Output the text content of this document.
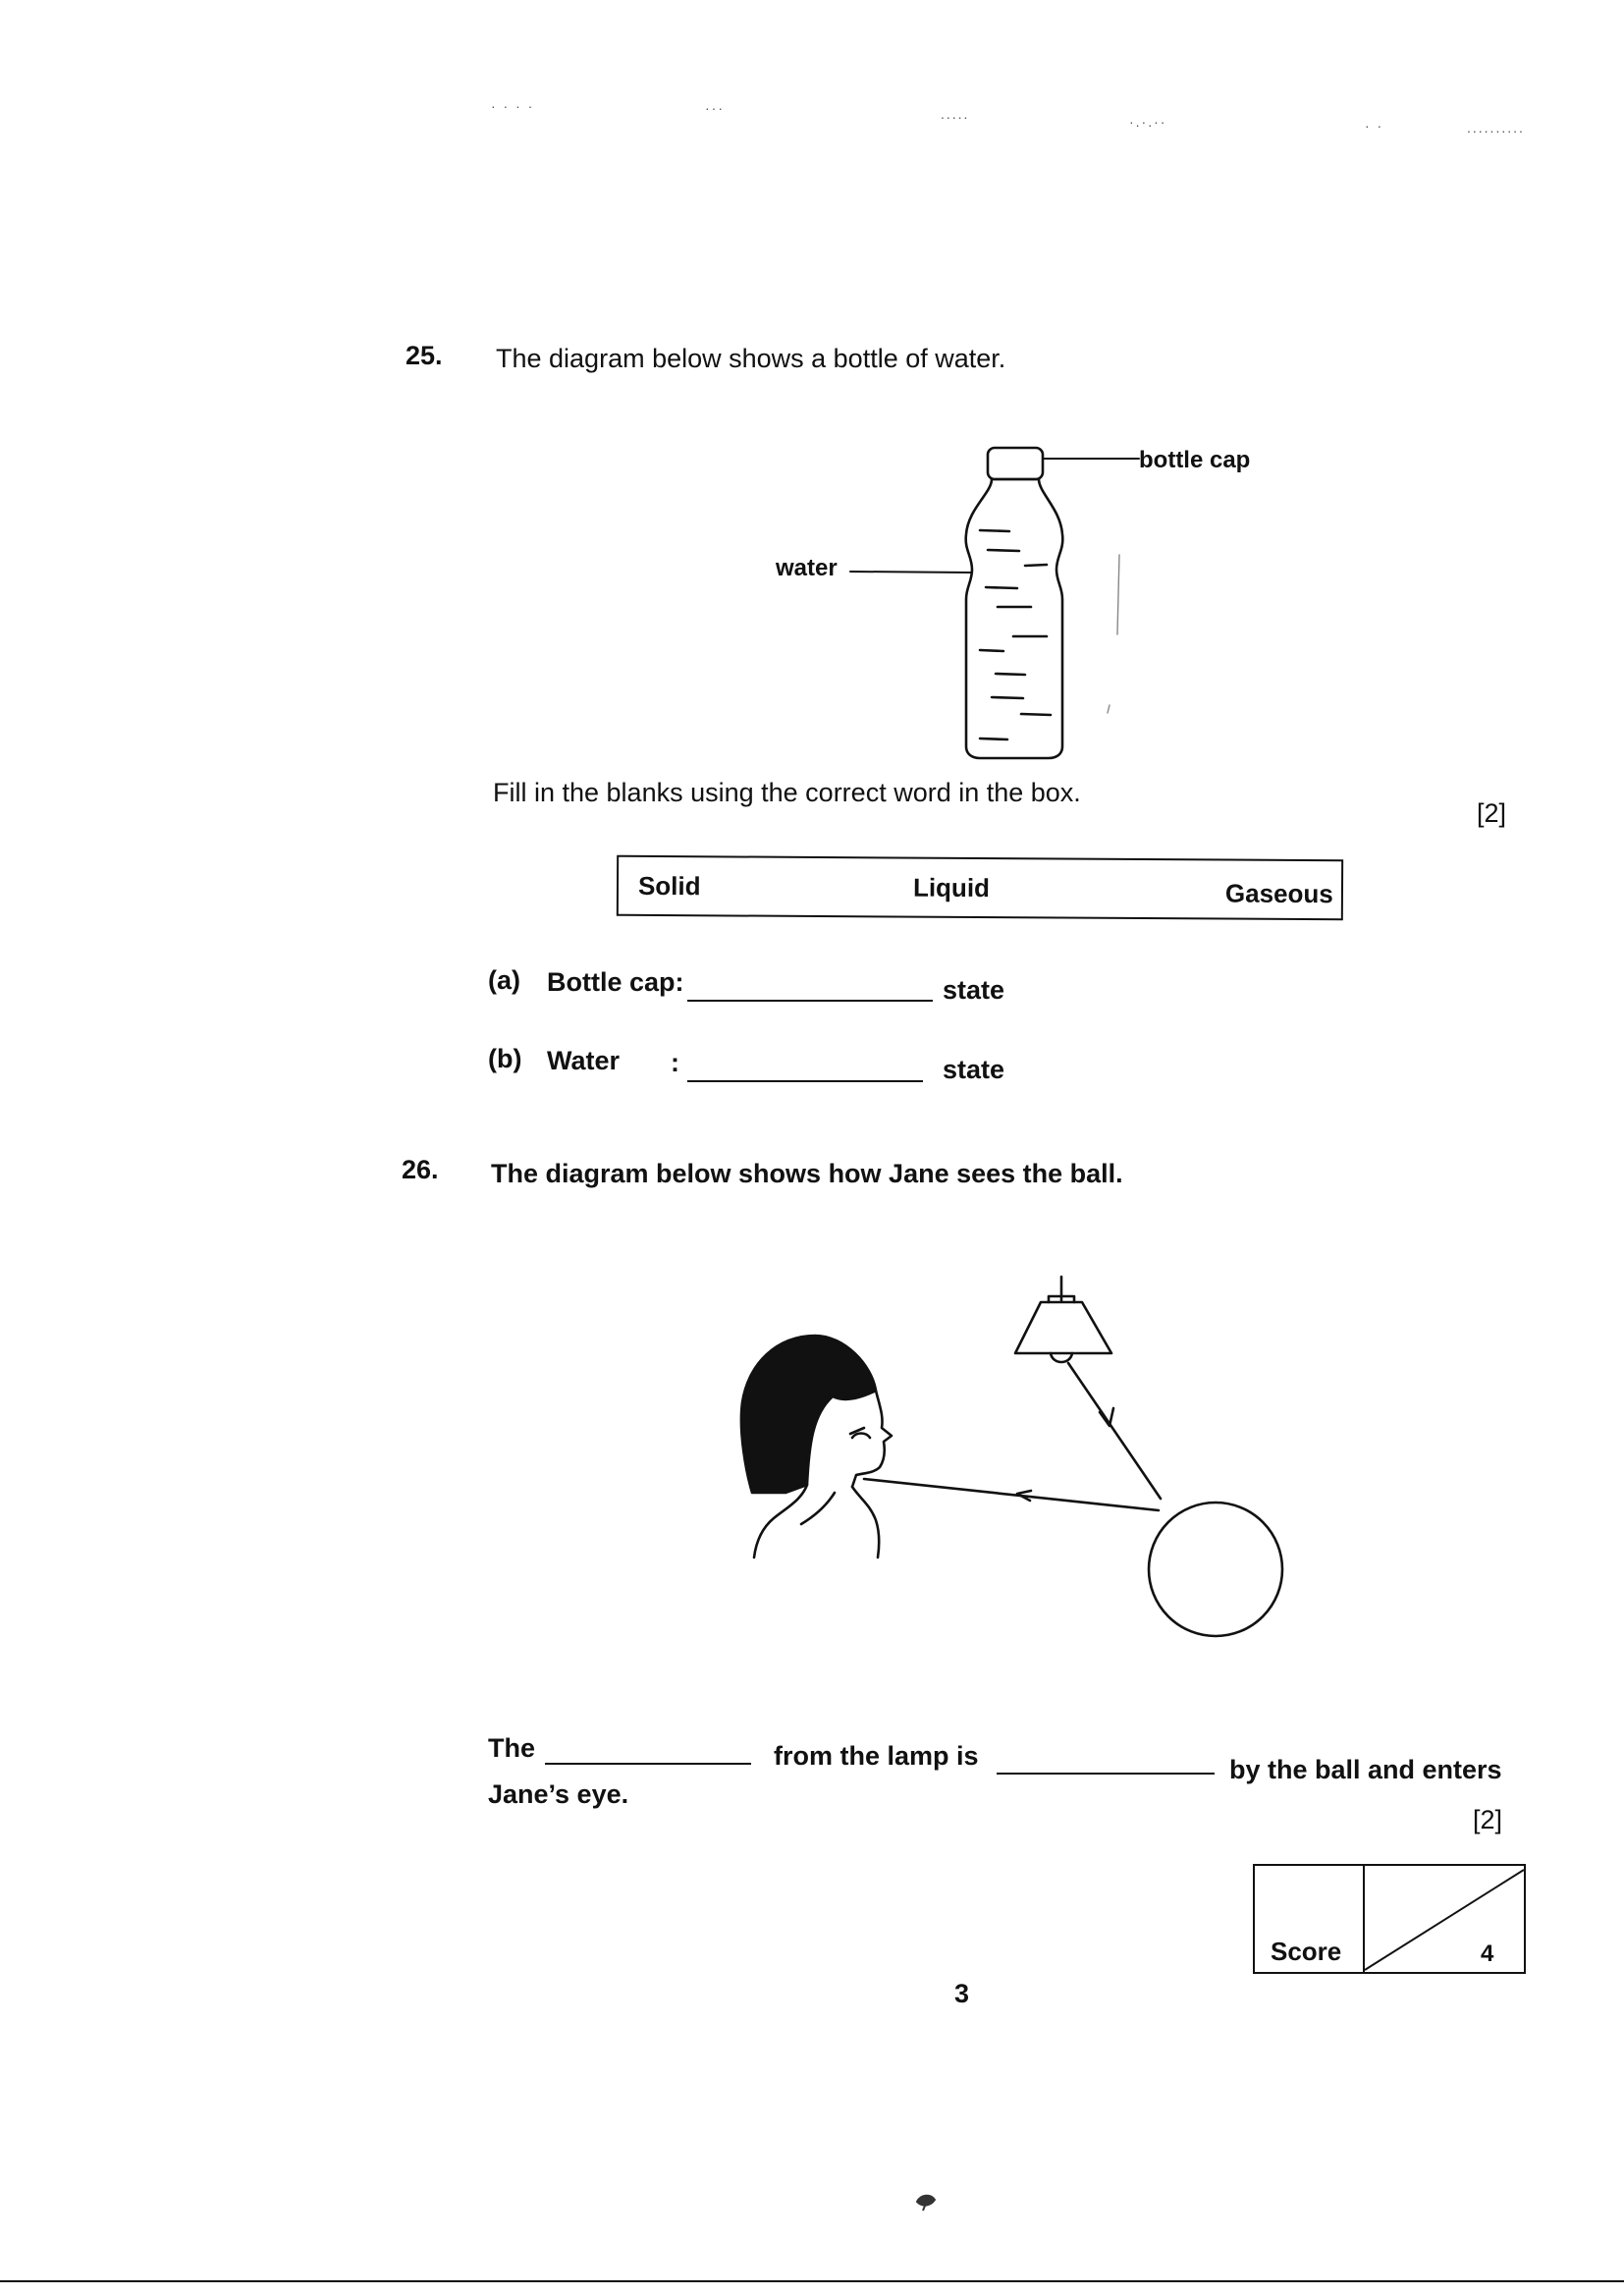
· · · ·	···	.....	·.·.··	· ·	..........
25. The diagram below shows a bottle of water.
bottle cap
water
Fill in the blanks using the correct word in the box.
[2]
Solid	Liquid	Gaseous
(a) Bottle cap:	state
(b) Water :	state
26. The diagram below shows how Jane sees the ball.
The	from the lamp is	by the ball and enters
Jane’s eye.
[2]
Score	4
3
